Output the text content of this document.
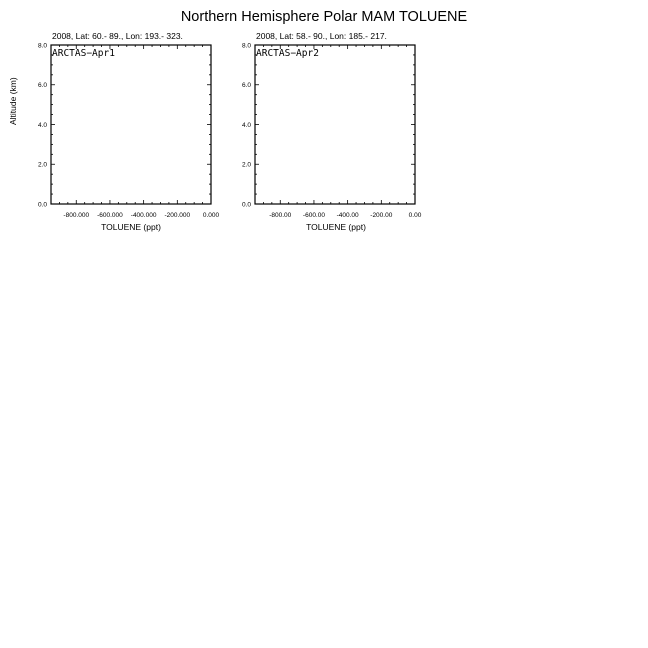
Northern Hemisphere Polar MAM TOLUENE
2008, Lat: 60.- 89., Lon: 193.- 323.
Altitude (km)
-800.000 -600.000 -400.000 -200.000 0.000
0.0
2.0
4.0
6.0
8.0
ARCTAS−Apr1
TOLUENE (ppt)
2008, Lat: 58.- 90., Lon: 185.- 217.
-800.00 -600.00 -400.00 -200.00	0.00
0.0
2.0
4.0
6.0
8.0
ARCTAS−Apr2
TOLUENE (ppt)
